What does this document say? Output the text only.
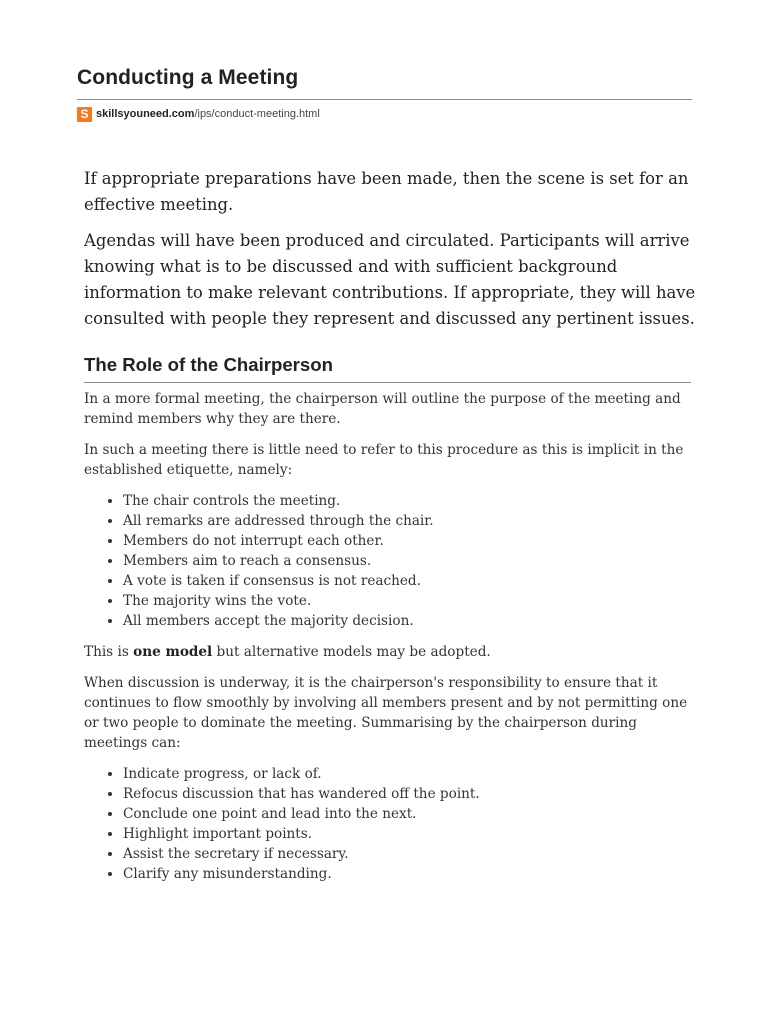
Conducting a Meeting
S skillsyouneed.com /ips/conduct-meeting.html

If appropriate preparations have been made, then the scene is set for an effective meeting.

Agendas will have been produced and circulated. Participants will arrive knowing what is to be discussed and with sufficient background information to make relevant contributions. If appropriate, they will have consulted with people they represent and discussed any pertinent issues.

The Role of the Chairperson

In a more formal meeting, the chairperson will outline the purpose of the meeting and remind members why they are there.

In such a meeting there is little need to refer to this procedure as this is implicit in the established etiquette, namely:

• The chair controls the meeting.
• All remarks are addressed through the chair.
• Members do not interrupt each other.
• Members aim to reach a consensus.
• A vote is taken if consensus is not reached.
• The majority wins the vote.
• All members accept the majority decision.

This is one model but alternative models may be adopted.

When discussion is underway, it is the chairperson's responsibility to ensure that it continues to flow smoothly by involving all members present and by not permitting one or two people to dominate the meeting. Summarising by the chairperson during meetings can:

• Indicate progress, or lack of.
• Refocus discussion that has wandered off the point.
• Conclude one point and lead into the next.
• Highlight important points.
• Assist the secretary if necessary.
• Clarify any misunderstanding.
